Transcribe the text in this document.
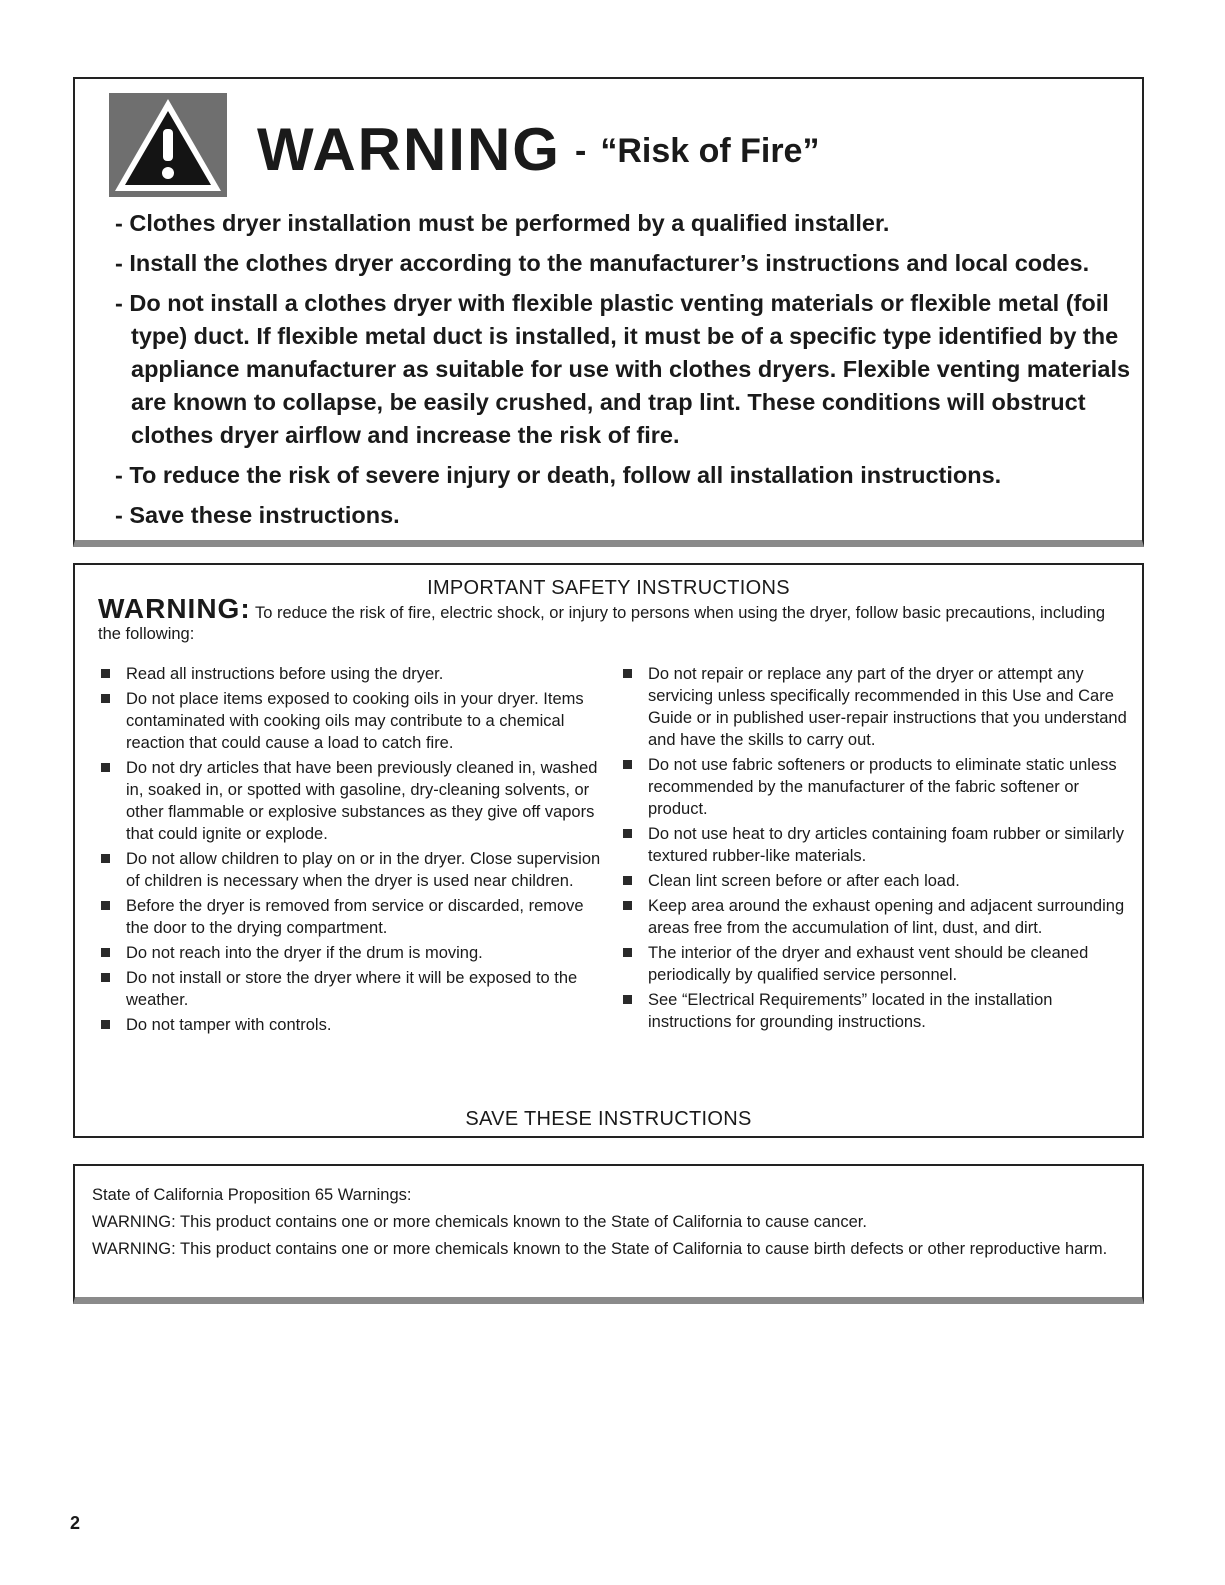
WARNING - “Risk of Fire”
- Clothes dryer installation must be performed by a qualified installer.
- Install the clothes dryer according to the manufacturer’s instructions and local codes.
- Do not install a clothes dryer with flexible plastic venting materials or flexible metal (foil type) duct. If flexible metal duct is installed, it must be of a specific type identified by the appliance manufacturer as suitable for use with clothes dryers. Flexible venting materials are known to collapse, be easily crushed, and trap lint. These conditions will obstruct clothes dryer airflow and increase the risk of fire.
- To reduce the risk of severe injury or death, follow all installation instructions.
- Save these instructions.
IMPORTANT SAFETY INSTRUCTIONS
WARNING: To reduce the risk of fire, electric shock, or injury to persons when using the dryer, follow basic precautions, including the following:
Read all instructions before using the dryer.
Do not place items exposed to cooking oils in your dryer. Items contaminated with cooking oils may contribute to a chemical reaction that could cause a load to catch fire.
Do not dry articles that have been previously cleaned in, washed in, soaked in, or spotted with gasoline, dry-cleaning solvents, or other flammable or explosive substances as they give off vapors that could ignite or explode.
Do not allow children to play on or in the dryer. Close supervision of children is necessary when the dryer is used near children.
Before the dryer is removed from service or discarded, remove the door to the drying compartment.
Do not reach into the dryer if the drum is moving.
Do not install or store the dryer where it will be exposed to the weather.
Do not tamper with controls.
Do not repair or replace any part of the dryer or attempt any servicing unless specifically recommended in this Use and Care Guide or in published user-repair instructions that you understand and have the skills to carry out.
Do not use fabric softeners or products to eliminate static unless recommended by the manufacturer of the fabric softener or product.
Do not use heat to dry articles containing foam rubber or similarly textured rubber-like materials.
Clean lint screen before or after each load.
Keep area around the exhaust opening and adjacent surrounding areas free from the accumulation of lint, dust, and dirt.
The interior of the dryer and exhaust vent should be cleaned periodically by qualified service personnel.
See “Electrical Requirements” located in the installation instructions for grounding instructions.
SAVE THESE INSTRUCTIONS

State of California Proposition 65 Warnings:

WARNING: This product contains one or more chemicals known to the State of California to cause cancer.

WARNING: This product contains one or more chemicals known to the State of California to cause birth defects or other reproductive harm.

2
